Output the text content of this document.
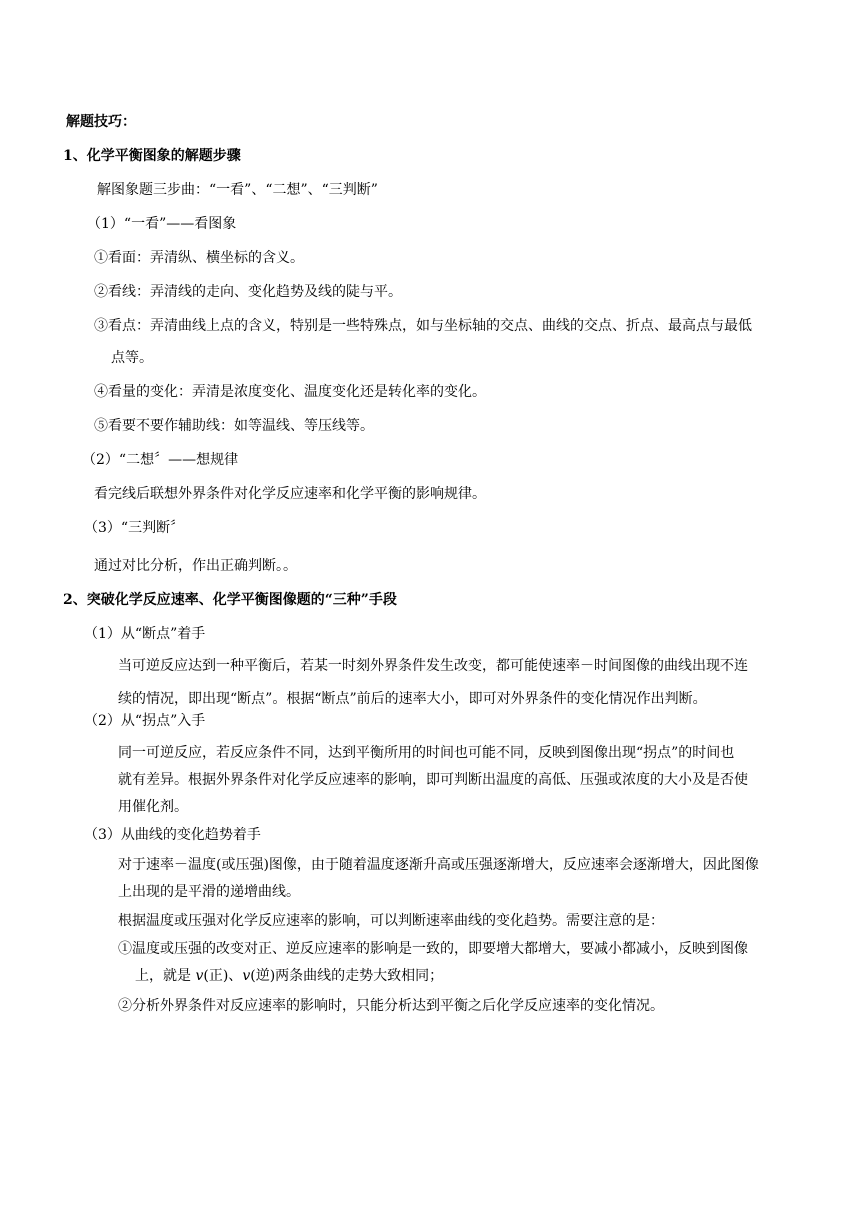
解题技巧：
1、化学平衡图象的解题步骤
解图象题三步曲：“一看”、“二想”、“三判断”
（1）“一看”——看图象
①看面：弄清纵、横坐标的含义。
②看线：弄清线的走向、变化趋势及线的陡与平。
③看点：弄清曲线上点的含义，特别是一些特殊点，如与坐标轴的交点、曲线的交点、折点、最高点与最低
点等。
④看量的变化：弄清是浓度变化、温度变化还是转化率的变化。
⑤看要不要作辅助线：如等温线、等压线等。
（2）“二想〞——想规律
看完线后联想外界条件对化学反应速率和化学平衡的影响规律。
（3）“三判断〞
通过对比分析，作出正确判断。。
2、突破化学反应速率、化学平衡图像题的“三种”手段
（1）从“断点”着手
当可逆反应达到一种平衡后，若某一时刻外界条件发生改变，都可能使速率－时间图像的曲线出现不连
续的情况，即出现“断点”。根据“断点”前后的速率大小，即可对外界条件的变化情况作出判断。
（2）从“拐点”入手
同一可逆反应，若反应条件不同，达到平衡所用的时间也可能不同，反映到图像出现“拐点”的时间也
就有差异。根据外界条件对化学反应速率的影响，即可判断出温度的高低、压强或浓度的大小及是否使
用催化剂。
（3）从曲线的变化趋势着手
对于速率－温度(或压强)图像，由于随着温度逐渐升高或压强逐渐增大，反应速率会逐渐增大，因此图像
上出现的是平滑的递增曲线。
根据温度或压强对化学反应速率的影响，可以判断速率曲线的变化趋势。需要注意的是：
①温度或压强的改变对正、逆反应速率的影响是一致的，即要增大都增大，要减小都减小，反映到图像
上，就是 v(正)、v(逆)两条曲线的走势大致相同；
②分析外界条件对反应速率的影响时，只能分析达到平衡之后化学反应速率的变化情况。
